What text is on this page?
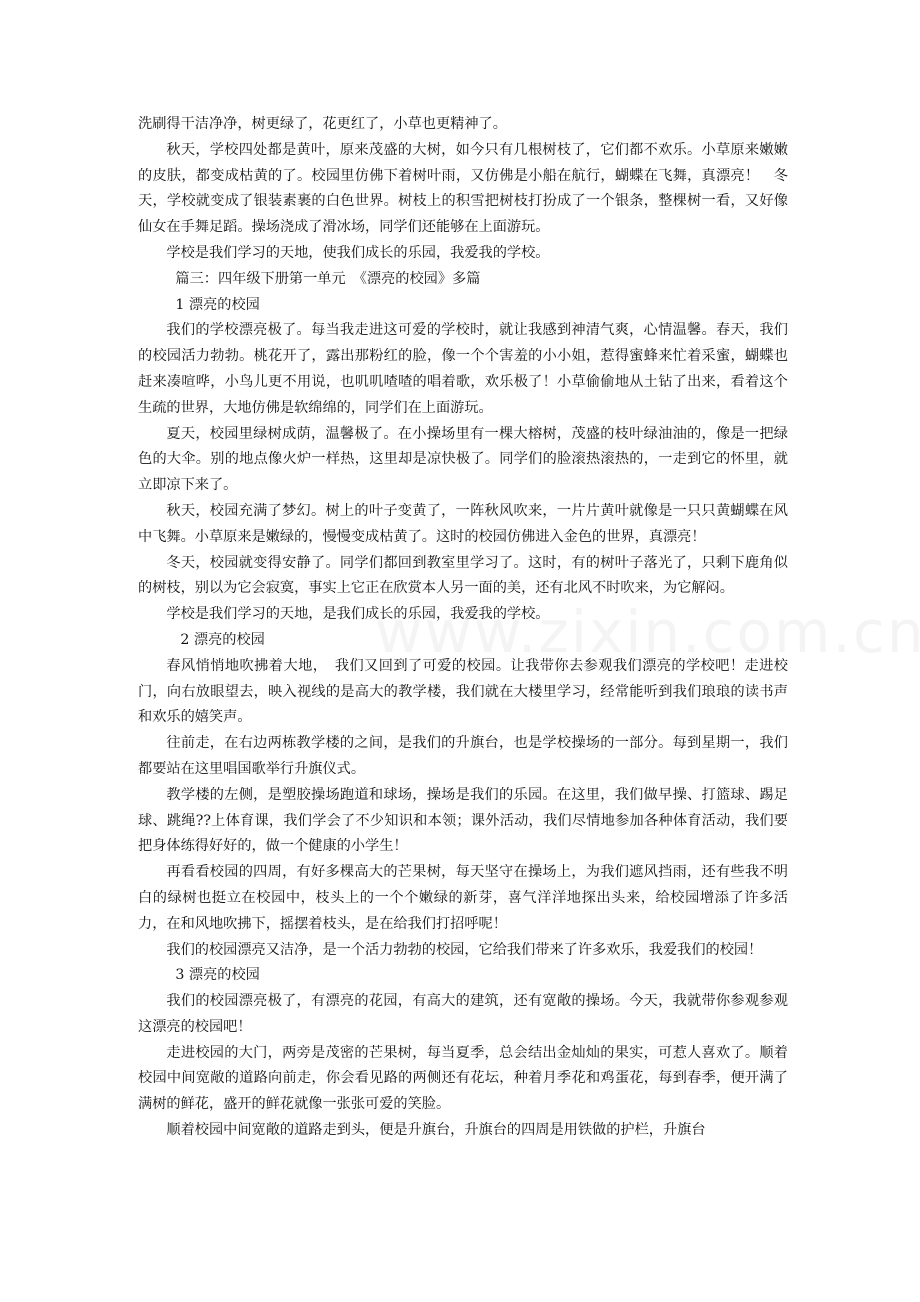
洗刷得干洁净净，树更绿了，花更红了，小草也更精神了。

秋天，学校四处都是黄叶，原来茂盛的大树，如今只有几根树枝了，它们都不欢乐。小草原来嫩嫩的皮肤，都变成枯黄的了。校园里仿佛下着树叶雨，又仿佛是小船在航行，蝴蝶在飞舞，真漂亮！　冬天，学校就变成了银装素裹的白色世界。树枝上的积雪把树枝打扮成了一个银条，整棵树一看，又好像仙女在手舞足蹈。操场浇成了滑冰场，同学们还能够在上面游玩。

学校是我们学习的天地，使我们成长的乐园，我爱我的学校。

篇三：四年级下册第一单元　《漂亮的校园》多篇

1 漂亮的校园

我们的学校漂亮极了。每当我走进这可爱的学校时，就让我感到神清气爽，心情温馨。春天，我们的校园活力勃勃。桃花开了，露出那粉红的脸，像一个个害羞的小小姐，惹得蜜蜂来忙着采蜜，蝴蝶也赶来凑喧哗，小鸟儿更不用说，也叽叽喳喳的唱着歌，欢乐极了！小草偷偷地从土钻了出来，看着这个生疏的世界，大地仿佛是软绵绵的，同学们在上面游玩。

夏天，校园里绿树成荫，温馨极了。在小操场里有一棵大榕树，茂盛的枝叶绿油油的，像是一把绿色的大伞。别的地点像火炉一样热，这里却是凉快极了。同学们的脸滚热滚热的，一走到它的怀里，就立即凉下来了。

秋天，校园充满了梦幻。树上的叶子变黄了，一阵秋风吹来，一片片黄叶就像是一只只黄蝴蝶在风中飞舞。小草原来是嫩绿的，慢慢变成枯黄了。这时的校园仿佛进入金色的世界，真漂亮！

冬天，校园就变得安静了。同学们都回到教室里学习了。这时，有的树叶子落光了，只剩下鹿角似的树枝，别以为它会寂寞，事实上它正在欣赏本人另一面的美，还有北风不时吹来，为它解闷。

学校是我们学习的天地，是我们成长的乐园，我爱我的学校。

2 漂亮的校园

春风悄悄地吹拂着大地，　我们又回到了可爱的校园。让我带你去参观我们漂亮的学校吧！走进校门，向右放眼望去，映入视线的是高大的教学楼，我们就在大楼里学习，经常能听到我们琅琅的读书声和欢乐的嬉笑声。

往前走，在右边两栋教学楼的之间，是我们的升旗台，也是学校操场的一部分。每到星期一，我们都要站在这里唱国歌举行升旗仪式。

教学楼的左侧，是塑胶操场跑道和球场，操场是我们的乐园。在这里，我们做早操、打篮球、踢足球、跳绳??上体育课，我们学会了不少知识和本领；课外活动，我们尽情地参加各种体育活动，我们要把身体练得好好的，做一个健康的小学生！

再看看校园的四周，有好多棵高大的芒果树，每天坚守在操场上，为我们遮风挡雨，还有些我不明白的绿树也挺立在校园中，枝头上的一个个嫩绿的新芽，喜气洋洋地探出头来，给校园增添了许多活力，在和风地吹拂下，摇摆着枝头，是在给我们打招呼呢！

我们的校园漂亮又洁净，是一个活力勃勃的校园，它给我们带来了许多欢乐，我爱我们的校园！

3 漂亮的校园

我们的校园漂亮极了，有漂亮的花园，有高大的建筑，还有宽敞的操场。今天，我就带你参观参观这漂亮的校园吧！

走进校园的大门，两旁是茂密的芒果树，每当夏季，总会结出金灿灿的果实，可惹人喜欢了。顺着校园中间宽敞的道路向前走，你会看见路的两侧还有花坛，种着月季花和鸡蛋花，每到春季，便开满了满树的鲜花，盛开的鲜花就像一张张可爱的笑脸。

顺着校园中间宽敞的道路走到头，便是升旗台，升旗台的四周是用铁做的护栏，升旗台
